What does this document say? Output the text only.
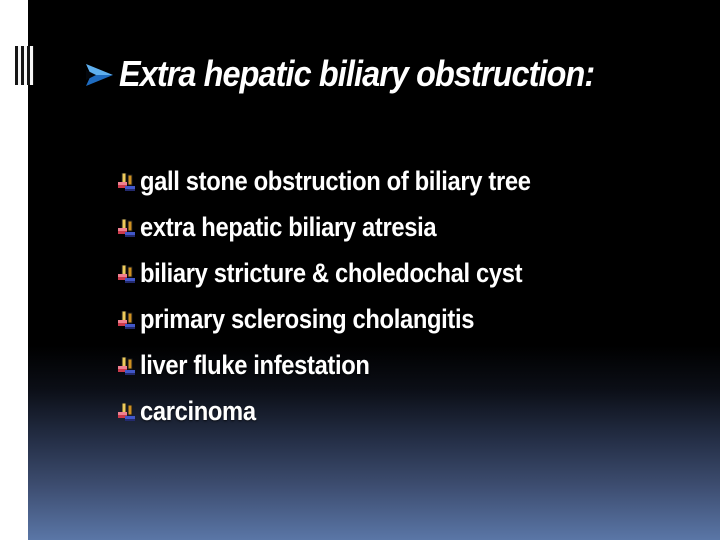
Extra hepatic biliary obstruction:
gall stone obstruction of biliary tree
extra hepatic biliary atresia
biliary stricture & choledochal cyst
primary sclerosing cholangitis
liver fluke infestation
carcinoma
